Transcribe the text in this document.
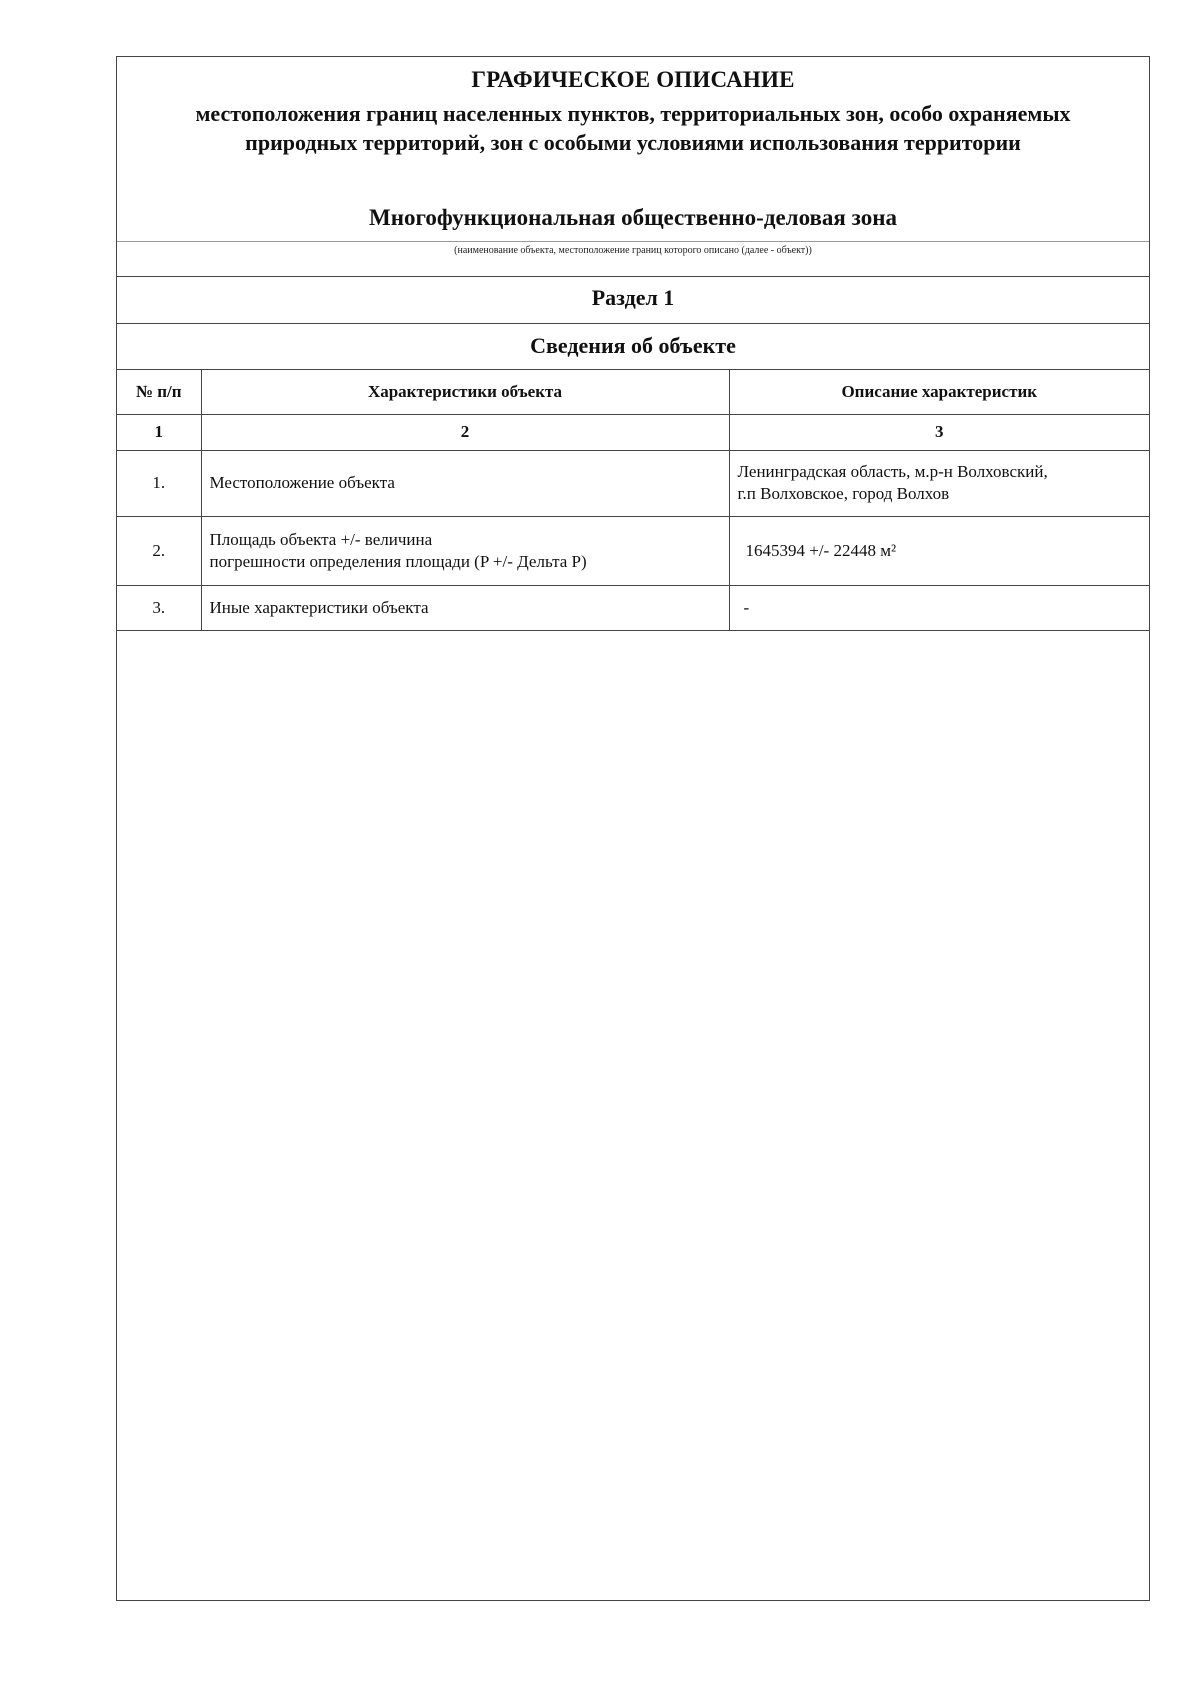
ГРАФИЧЕСКОЕ ОПИСАНИЕ
местоположения границ населенных пунктов, территориальных зон, особо охраняемых природных территорий, зон с особыми условиями использования территории
Многофункциональная общественно-деловая зона
(наименование объекта, местоположение границ которого описано (далее - объект))
Раздел 1
Сведения об объекте
№ п/п	Характеристики объекта	Описание характеристик
1	2	3
1.	Местоположение объекта	Ленинградская область, м.р-н Волховский,
г.п Волховское, город Волхов

2.	Площадь объекта +/- величина
погрешности определения площади (P +/- Дельта P)	1645394 +/- 22448 м²
3.	Иные характеристики объекта	-
